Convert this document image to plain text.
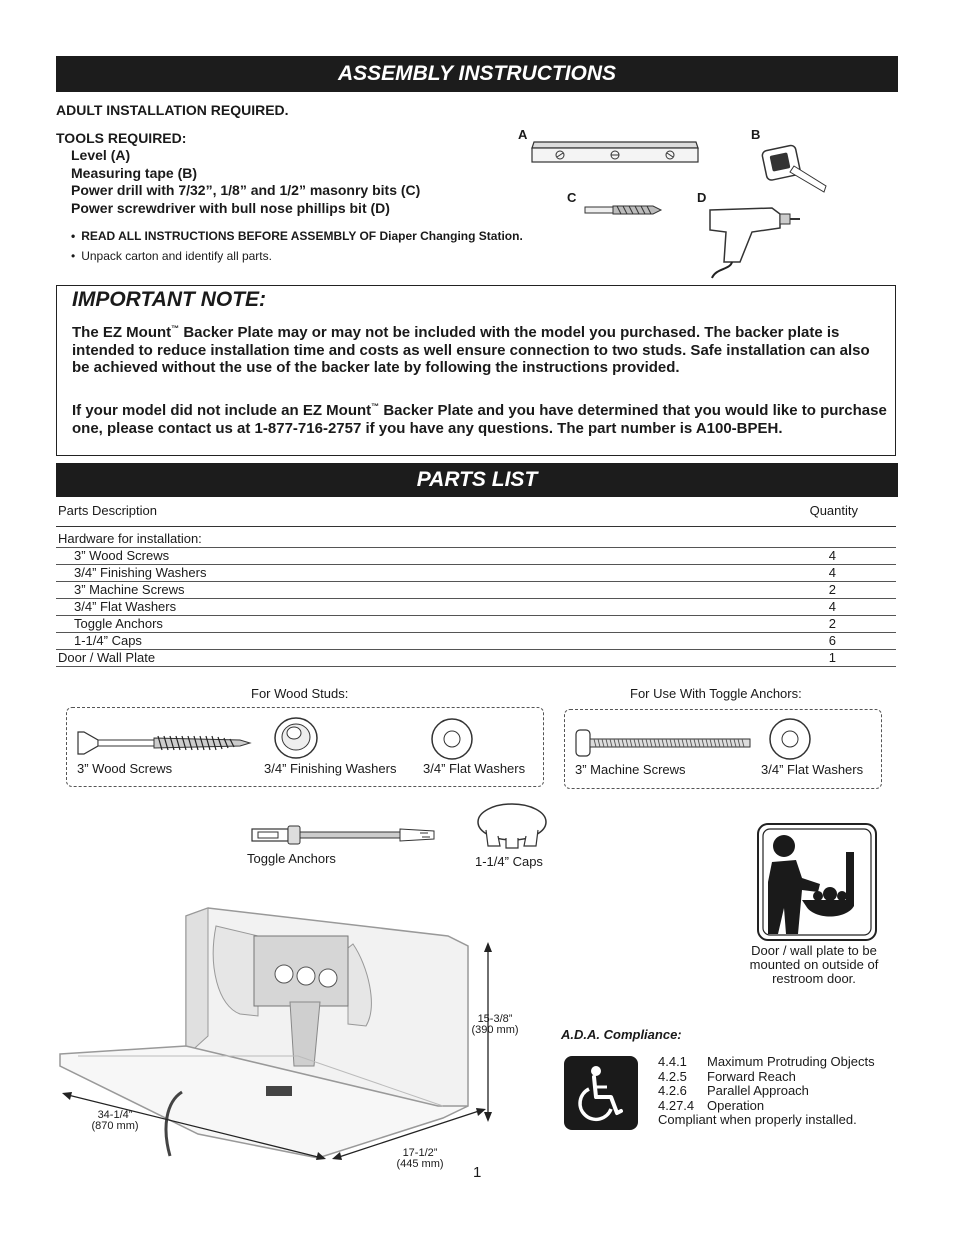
ASSEMBLY INSTRUCTIONS
ADULT INSTALLATION REQUIRED.
TOOLS REQUIRED:
Level (A)
Measuring tape (B)
Power drill with 7/32”, 1/8” and 1/2” masonry bits (C)
Power screwdriver with bull nose phillips bit (D)
• READ ALL INSTRUCTIONS BEFORE ASSEMBLY OF Diaper Changing Station.
• Unpack carton and identify all parts.
A	B
C	D
IMPORTANT NOTE:

The EZ Mount™ Backer Plate may or may not be included with the model you purchased. The backer plate is intended to reduce installation time and costs as well ensure connection to two studs. Safe installation can also be achieved without the use of the backer late by following the instructions provided.

If your model did not include an EZ Mount™ Backer Plate and you have determined that you would like to purchase one, please contact us at 1-877-716-2757 if you have any questions. The part number is A100-BPEH.

PARTS LIST
Parts Description	Quantity
Hardware for installation:
3” Wood Screws	4
3/4” Finishing Washers	4
3” Machine Screws	2
3/4” Flat Washers	4
Toggle Anchors	2
1-1/4” Caps	6
Door / Wall Plate	1
For Wood Studs:	For Use With Toggle Anchors:
3” Wood Screws	3/4” Finishing Washers 3/4” Flat Washers	3” Machine Screws	3/4” Flat Washers
Toggle Anchors	1-1/4” Caps
Door / wall plate to be mounted on outside of restroom door.
15-3/8”
(390 mm)
34-1/4”
(870 mm)
17-1/2”
(445 mm)
A.D.A. Compliance:
4.4.1 Maximum Protruding Objects
4.2.5 Forward Reach
4.2.6 Parallel Approach
4.27.4 Operation
Compliant when properly installed.
1
